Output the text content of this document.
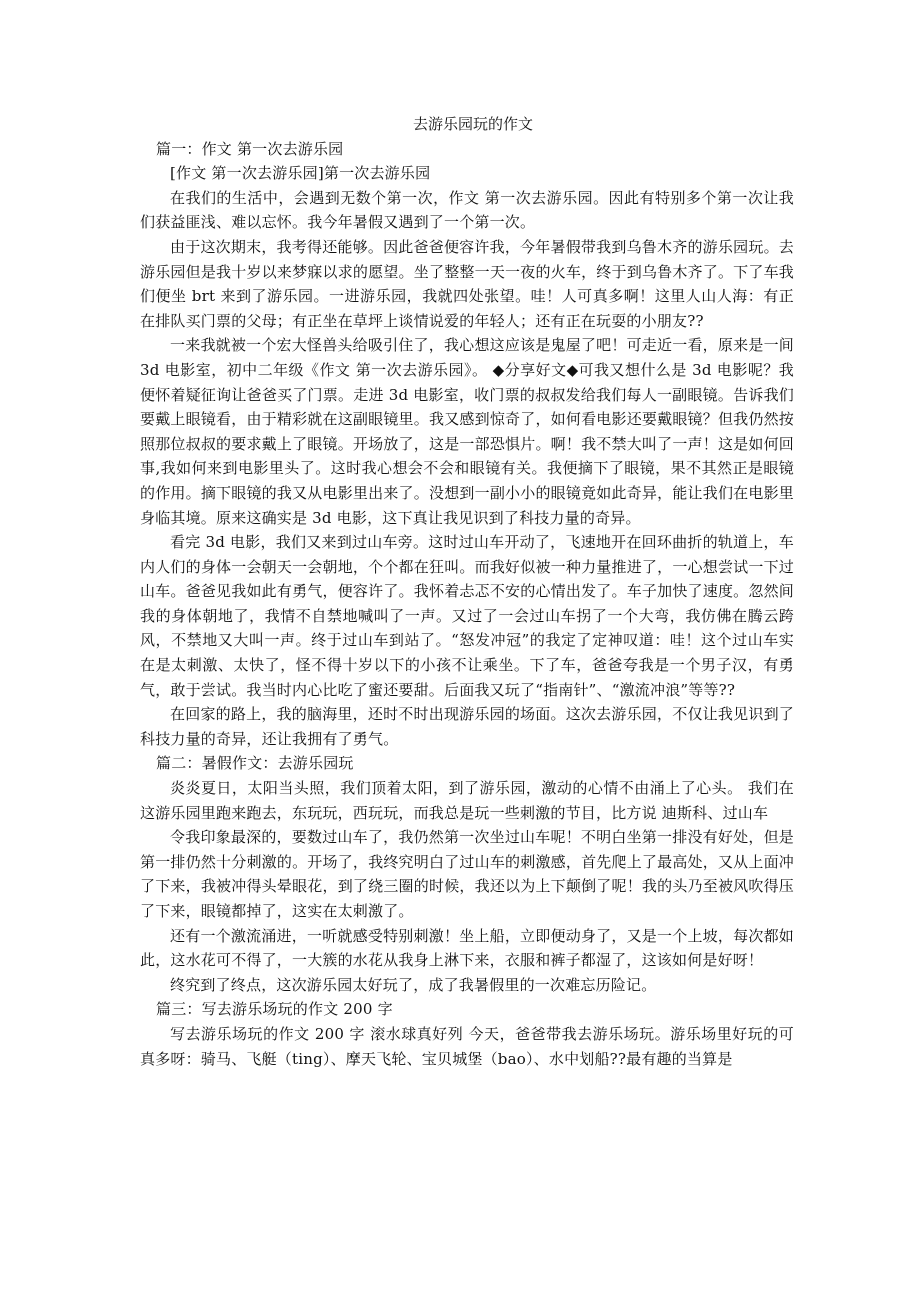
去游乐园玩的作文

篇一：作文 第一次去游乐园

[作文 第一次去游乐园]第一次去游乐园

在我们的生活中，会遇到无数个第一次，作文 第一次去游乐园。因此有特别多个第一次让我们获益匪浅、难以忘怀。我今年暑假又遇到了一个第一次。

由于这次期末，我考得还能够。因此爸爸便容许我，今年暑假带我到乌鲁木齐的游乐园玩。去游乐园但是我十岁以来梦寐以求的愿望。坐了整整一天一夜的火车，终于到乌鲁木齐了。下了车我们便坐 brt 来到了游乐园。一进游乐园，我就四处张望。哇！人可真多啊！这里人山人海：有正在排队买门票的父母；有正坐在草坪上谈情说爱的年轻人；还有正在玩耍的小朋友??

一来我就被一个宏大怪兽头给吸引住了，我心想这应该是鬼屋了吧！可走近一看，原来是一间 3d 电影室，初中二年级《作文 第一次去游乐园》。 ◆分享好文◆可我又想什么是 3d 电影呢？我便怀着疑征询让爸爸买了门票。走进 3d 电影室，收门票的叔叔发给我们每人一副眼镜。告诉我们要戴上眼镜看，由于精彩就在这副眼镜里。我又感到惊奇了，如何看电影还要戴眼镜？但我仍然按照那位叔叔的要求戴上了眼镜。开场放了，这是一部恐惧片。啊！我不禁大叫了一声！这是如何回事,我如何来到电影里头了。这时我心想会不会和眼镜有关。我便摘下了眼镜，果不其然正是眼镜的作用。摘下眼镜的我又从电影里出来了。没想到一副小小的眼镜竟如此奇异，能让我们在电影里身临其境。原来这确实是 3d 电影，这下真让我见识到了科技力量的奇异。

看完 3d 电影，我们又来到过山车旁。这时过山车开动了，飞速地开在回环曲折的轨道上，车内人们的身体一会朝天一会朝地，个个都在狂叫。而我好似被一种力量推进了，一心想尝试一下过山车。爸爸见我如此有勇气，便容许了。我怀着忐忑不安的心情出发了。车子加快了速度。忽然间我的身体朝地了，我情不自禁地喊叫了一声。又过了一会过山车拐了一个大弯，我仿佛在腾云跨风，不禁地又大叫一声。终于过山车到站了。“怒发冲冠”的我定了定神叹道：哇！这个过山车实在是太刺激、太快了，怪不得十岁以下的小孩不让乘坐。下了车，爸爸夸我是一个男子汉，有勇气，敢于尝试。我当时内心比吃了蜜还要甜。后面我又玩了“指南针”、“激流冲浪”等等??

在回家的路上，我的脑海里，还时不时出现游乐园的场面。这次去游乐园，不仅让我见识到了科技力量的奇异，还让我拥有了勇气。

篇二：暑假作文：去游乐园玩

炎炎夏日，太阳当头照，我们顶着太阳，到了游乐园，激动的心情不由涌上了心头。 我们在这游乐园里跑来跑去，东玩玩，西玩玩，而我总是玩一些刺激的节目，比方说 迪斯科、过山车

令我印象最深的，要数过山车了，我仍然第一次坐过山车呢！不明白坐第一排没有好处，但是第一排仍然十分刺激的。开场了，我终究明白了过山车的刺激感，首先爬上了最高处，又从上面冲了下来，我被冲得头晕眼花，到了绕三圈的时候，我还以为上下颠倒了呢！我的头乃至被风吹得压了下来，眼镜都掉了，这实在太刺激了。

还有一个激流涌进，一听就感受特别刺激！坐上船，立即便动身了，又是一个上坡，每次都如此，这水花可不得了，一大簇的水花从我身上淋下来，衣服和裤子都湿了，这该如何是好呀！

终究到了终点，这次游乐园太好玩了，成了我暑假里的一次难忘历险记。

篇三：写去游乐场玩的作文 200 字

写去游乐场玩的作文 200 字 滚水球真好列 今天，爸爸带我去游乐场玩。游乐场里好玩的可真多呀：骑马、飞艇（ting）、摩天飞轮、宝贝城堡（bao）、水中划船??最有趣的当算是
